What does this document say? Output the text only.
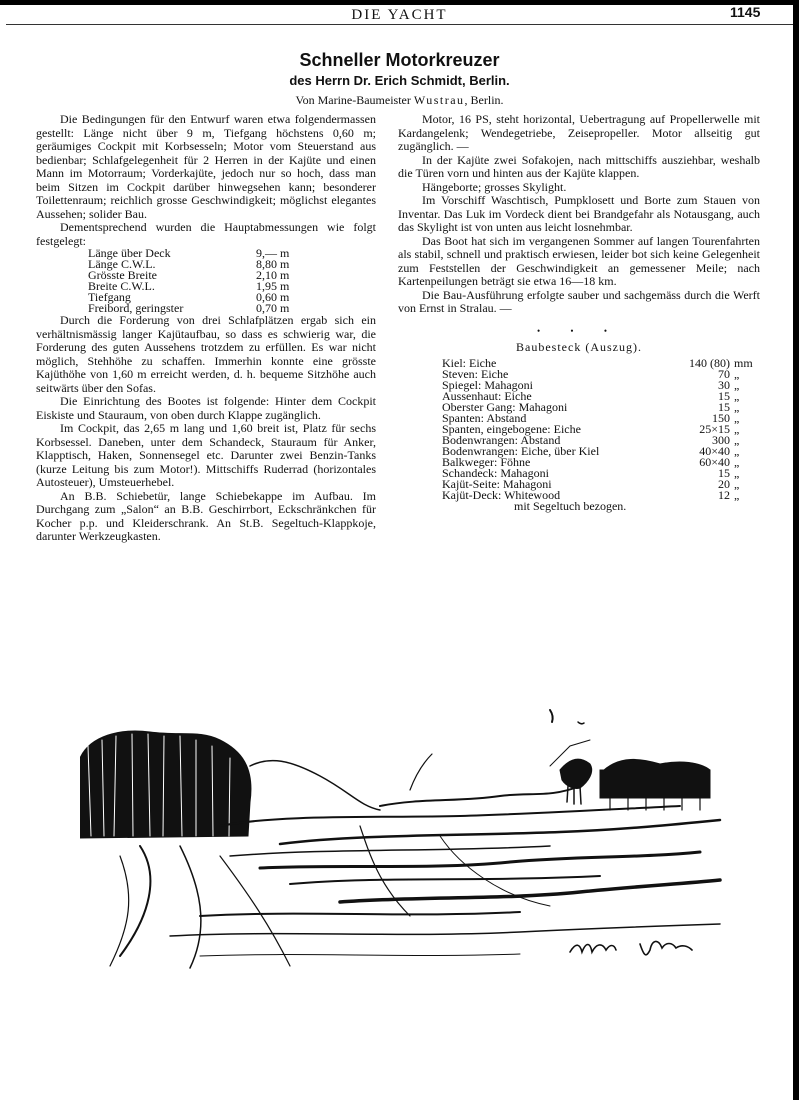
DIE YACHT	1145
Schneller Motorkreuzer
des Herrn Dr. Erich Schmidt, Berlin.
Von Marine-Baumeister Wustrau, Berlin.

Die Bedingungen für den Entwurf waren etwa folgendermassen gestellt: Länge nicht über 9 m, Tiefgang höchstens 0,60 m; geräumiges Cockpit mit Korbsesseln; Motor vom Steuerstand aus bedienbar; Schlafgelegenheit für 2 Herren in der Kajüte und einen Mann im Motorraum; Vorderkajüte, jedoch nur so hoch, dass man beim Sitzen im Cockpit darüber hinwegsehen kann; besonderer Toilettenraum; reichlich grosse Geschwindigkeit; möglichst elegantes Aussehen; solider Bau.

Dementsprechend wurden die Hauptabmessungen wie folgt festgelegt:

Länge über Deck	9,— m
Länge C.W.L.	8,80 m
Grösste Breite	2,10 m
Breite C.W.L.	1,95 m
Tiefgang	0,60 m
Freibord, geringster	0,70 m

Durch die Forderung von drei Schlafplätzen ergab sich ein verhältnismässig langer Kajütaufbau, so dass es schwierig war, die Forderung des guten Aussehens trotzdem zu erfüllen. Es war nicht möglich, Stehhöhe zu schaffen. Immerhin konnte eine grösste Kajüthöhe von 1,60 m erreicht werden, d. h. bequeme Sitzhöhe auch seitwärts über den Sofas.

Die Einrichtung des Bootes ist folgende: Hinter dem Cockpit Eiskiste und Stauraum, von oben durch Klappe zugänglich.

Im Cockpit, das 2,65 m lang und 1,60 breit ist, Platz für sechs Korbsessel. Daneben, unter dem Schandeck, Stauraum für Anker, Klapptisch, Haken, Sonnensegel etc. Darunter zwei Benzin-Tanks (kurze Leitung bis zum Motor!). Mittschiffs Ruderrad (horizontales Autosteuer), Umsteuerhebel.

An B.B. Schiebetür, lange Schiebekappe im Aufbau. Im Durchgang zum „Salon“ an B.B. Geschirrbort, Eckschränkchen für Kocher p.p. und Kleiderschrank. An St.B. Segeltuch-Klappkoje, darunter Werkzeugkasten.

Motor, 16 PS, steht horizontal, Uebertragung auf Propellerwelle mit Kardangelenk; Wendegetriebe, Zeisepropeller. Motor allseitig gut zugänglich. —

In der Kajüte zwei Sofakojen, nach mittschiffs ausziehbar, weshalb die Türen vorn und hinten aus der Kajüte klappen.

Hängeborte; grosses Skylight.

Im Vorschiff Waschtisch, Pumpklosett und Borte zum Stauen von Inventar. Das Luk im Vordeck dient bei Brandgefahr als Notausgang, auch das Skylight ist von unten aus leicht losnehmbar.

Das Boot hat sich im vergangenen Sommer auf langen Tourenfahrten als stabil, schnell und praktisch erwiesen, leider bot sich keine Gelegenheit zum Feststellen der Geschwindigkeit an gemessener Meile; nach Kartenpeilungen beträgt sie etwa 16—18 km.

Die Bau-Ausführung erfolgte sauber und sachgemäss durch die Werft von Ernst in Stralau. —

• • •
Baubesteck (Auszug).
Kiel: Eiche	140 (80)	mm
Steven: Eiche	70	„
Spiegel: Mahagoni	30	„
Aussenhaut: Eiche	15	„
Oberster Gang: Mahagoni	15	„
Spanten: Abstand	150	„
Spanten, eingebogene: Eiche	25×15	„
Bodenwrangen: Abstand	300	„
Bodenwrangen: Eiche, über Kiel	40×40	„
Balkweger: Föhne	60×40	„
Schandeck: Mahagoni	15	„
Kajüt-Seite: Mahagoni	20	„
Kajüt-Deck: Whitewood	12	„
mit Segeltuch bezogen.		
